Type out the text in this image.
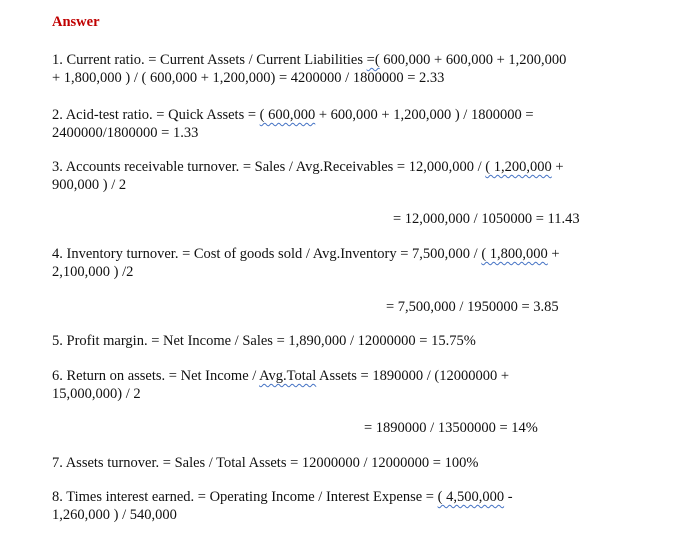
Answer
1. Current ratio. = Current Assets / Current Liabilities =( 600,000 + 600,000 + 1,200,000
+ 1,800,000 ) / ( 600,000 + 1,200,000) = 4200000 / 1800000 = 2.33
2. Acid-test ratio. = Quick Assets = ( 600,000 + 600,000 + 1,200,000 ) / 1800000 =
2400000/1800000 = 1.33
3. Accounts receivable turnover. = Sales / Avg.Receivables = 12,000,000 / ( 1,200,000 +
900,000 ) / 2
= 12,000,000 / 1050000 = 11.43
4. Inventory turnover. = Cost of goods sold / Avg.Inventory = 7,500,000 / ( 1,800,000 +
2,100,000 ) /2
= 7,500,000 / 1950000 = 3.85
5. Profit margin. = Net Income / Sales = 1,890,000 / 12000000 = 15.75%
6. Return on assets. = Net Income / Avg.Total Assets = 1890000 / (12000000 +
15,000,000) / 2
= 1890000 / 13500000 = 14%
7. Assets turnover. = Sales / Total Assets = 12000000 / 12000000 = 100%
8. Times interest earned. = Operating Income / Interest Expense = ( 4,500,000 -
1,260,000 ) / 540,000
